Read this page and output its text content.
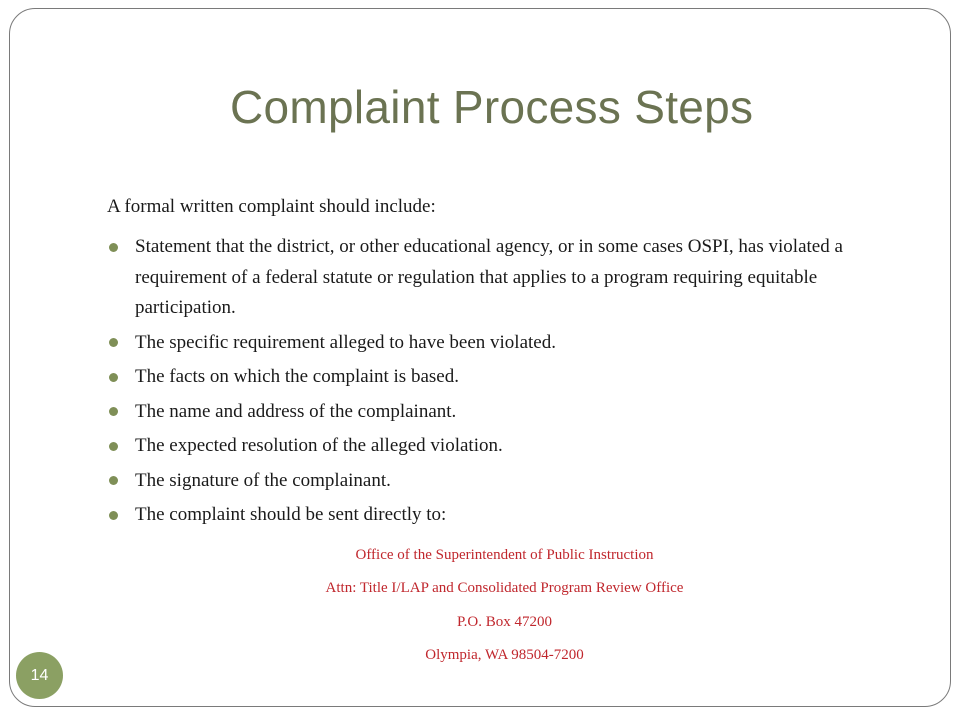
Complaint Process Steps

A formal written complaint should include:

Statement that the district, or other educational agency, or in some cases OSPI, has violated a requirement of a federal statute or regulation that applies to a program requiring equitable participation.
The specific requirement alleged to have been violated.
The facts on which the complaint is based.
The name and address of the complainant.
The expected resolution of the alleged violation.
The signature of the complainant.
The complaint should be sent directly to:
Office of the Superintendent of Public Instruction
Attn: Title I/LAP and Consolidated Program Review Office
P.O. Box 47200
Olympia, WA 98504-7200
14
